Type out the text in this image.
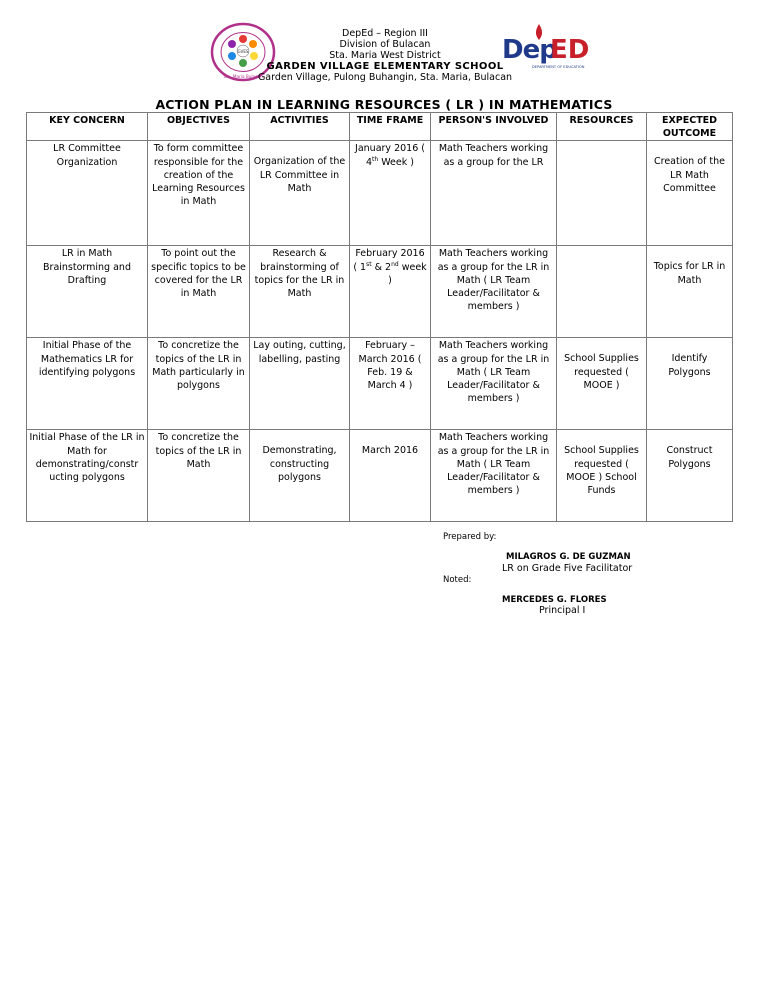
GVES
Sta. Maria Bulacan
DepEd – Region III
Division of Bulacan
Sta. Maria West District
GARDEN VILLAGE ELEMENTARY SCHOOL
Garden Village, Pulong Buhangin, Sta. Maria, Bulacan
Dep
ED
DEPARTMENT OF EDUCATION
ACTION PLAN IN LEARNING RESOURCES ( LR ) IN MATHEMATICS
KEY CONCERN	OBJECTIVES	ACTIVITIES	TIME FRAME	PERSON'S INVOLVED	RESOURCES	EXPECTED OUTCOME
LR Committee Organization	To form committee responsible for the creation of the Learning Resources in Math	Organization of the LR Committee in Math	January 2016 ( 4th Week )	Math Teachers working as a group for the LR		Creation of the LR Math Committee
LR in Math Brainstorming and Drafting	To point out the specific topics to be covered for the LR in Math	Research & brainstorming of topics for the LR in Math	February 2016 ( 1st & 2nd week )	Math Teachers working as a group for the LR in Math ( LR Team Leader/Facilitator & members )		Topics for LR in Math
Initial Phase of the Mathematics LR for identifying polygons	To concretize the topics of the LR in Math particularly in polygons	Lay outing, cutting, labelling, pasting	February – March 2016 ( Feb. 19 & March 4 )	Math Teachers working as a group for the LR in Math ( LR Team Leader/Facilitator & members )	School Supplies requested ( MOOE )	Identify Polygons
Initial Phase of the LR in Math for demonstrating/constr ucting polygons	To concretize the topics of the LR in Math	Demonstrating, constructing polygons	March 2016	Math Teachers working as a group for the LR in Math ( LR Team Leader/Facilitator & members )	School Supplies requested ( MOOE ) School Funds	Construct Polygons
Prepared by:
MILAGROS G. DE GUZMAN
LR on Grade Five Facilitator
Noted:
MERCEDES G. FLORES
Principal I
